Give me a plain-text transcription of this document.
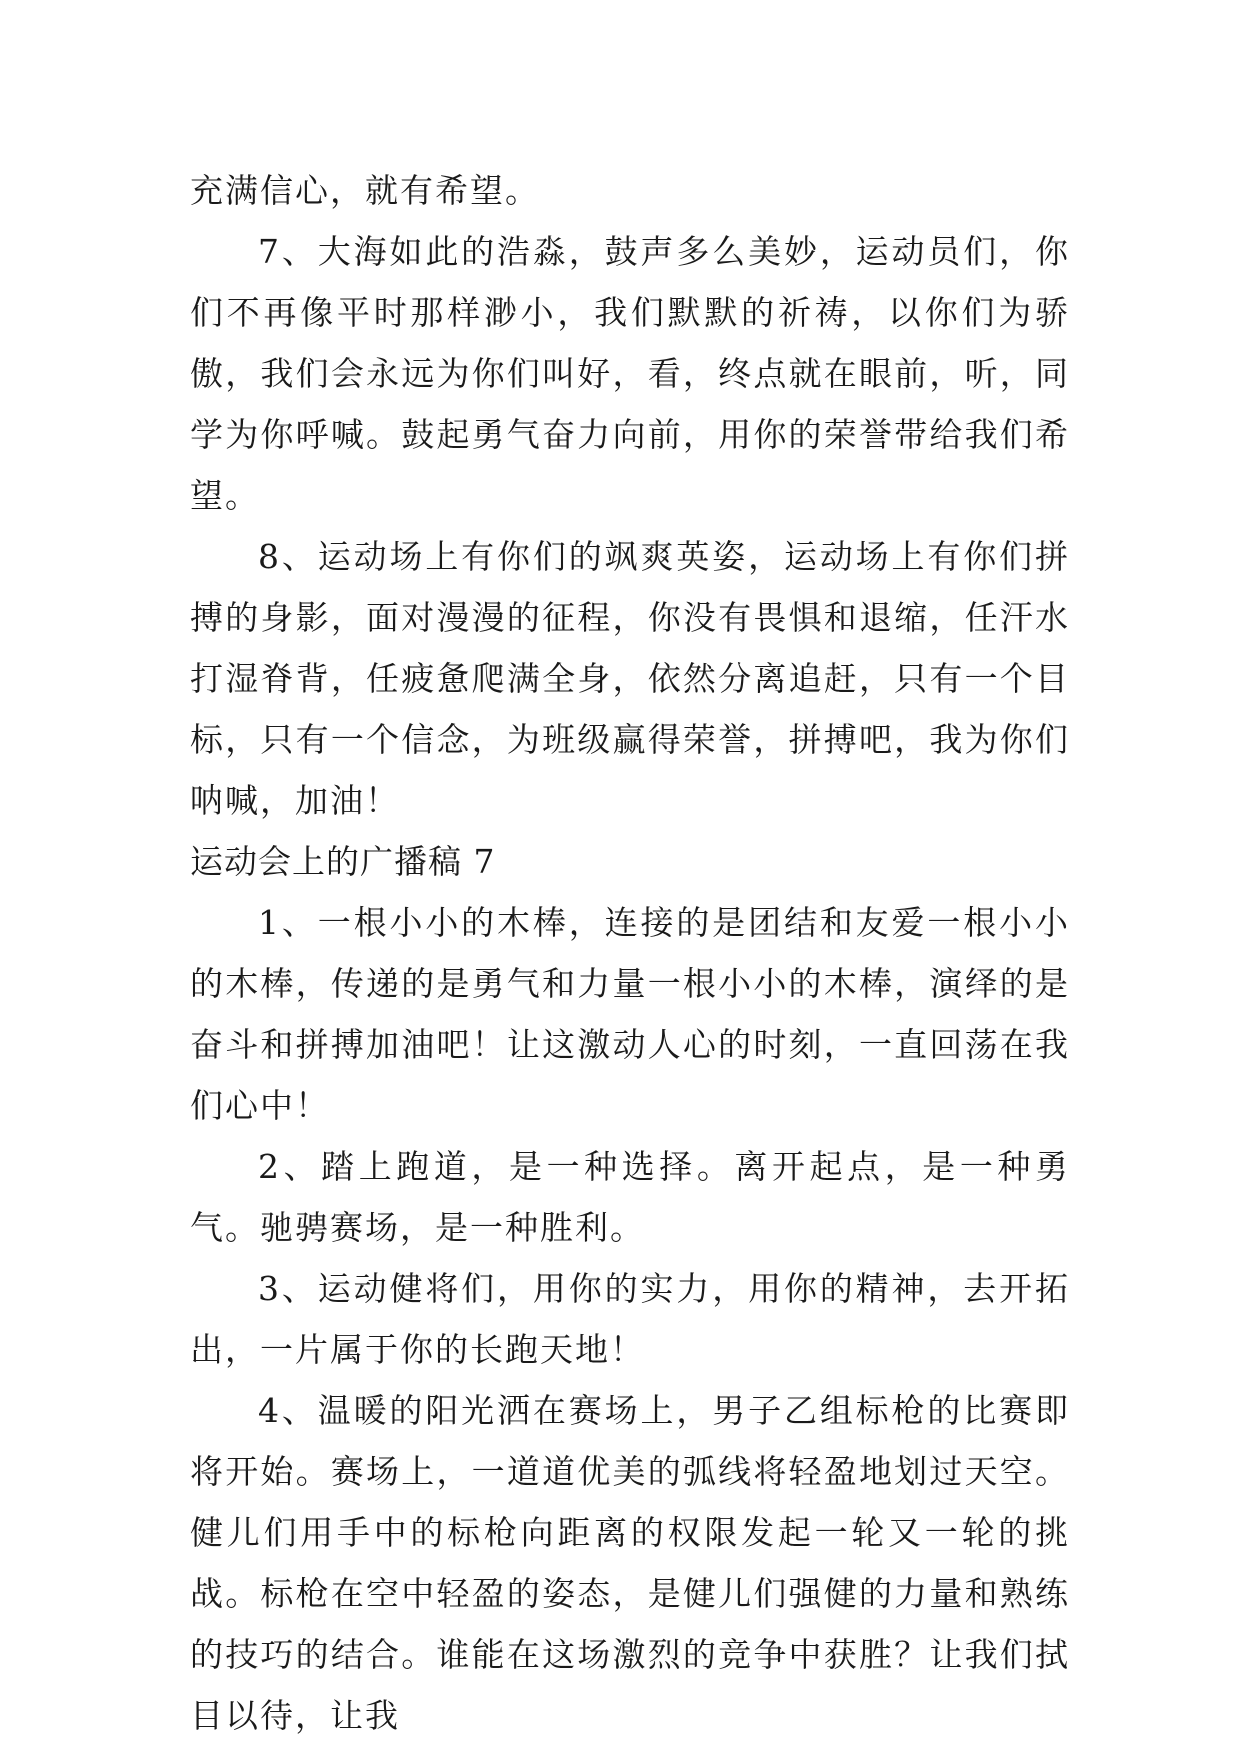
充满信心，就有希望。

7、大海如此的浩淼，鼓声多么美妙，运动员们，你们不再像平时那样渺小，我们默默的祈祷，以你们为骄傲，我们会永远为你们叫好，看，终点就在眼前，听，同学为你呼喊。鼓起勇气奋力向前，用你的荣誉带给我们希望。

8、运动场上有你们的飒爽英姿，运动场上有你们拼搏的身影，面对漫漫的征程，你没有畏惧和退缩，任汗水打湿脊背，任疲惫爬满全身，依然分离追赶，只有一个目标，只有一个信念，为班级赢得荣誉，拼搏吧，我为你们呐喊，加油！

运动会上的广播稿 7

1、一根小小的木棒，连接的是团结和友爱一根小小的木棒，传递的是勇气和力量一根小小的木棒，演绎的是奋斗和拼搏加油吧！让这激动人心的时刻，一直回荡在我们心中！

2、踏上跑道，是一种选择。离开起点，是一种勇气。驰骋赛场，是一种胜利。

3、运动健将们，用你的实力，用你的精神，去开拓出，一片属于你的长跑天地！

4、温暖的阳光洒在赛场上，男子乙组标枪的比赛即将开始。赛场上，一道道优美的弧线将轻盈地划过天空。健儿们用手中的标枪向距离的权限发起一轮又一轮的挑战。标枪在空中轻盈的姿态，是健儿们强健的力量和熟练的技巧的结合。谁能在这场激烈的竞争中获胜？让我们拭目以待，让我
